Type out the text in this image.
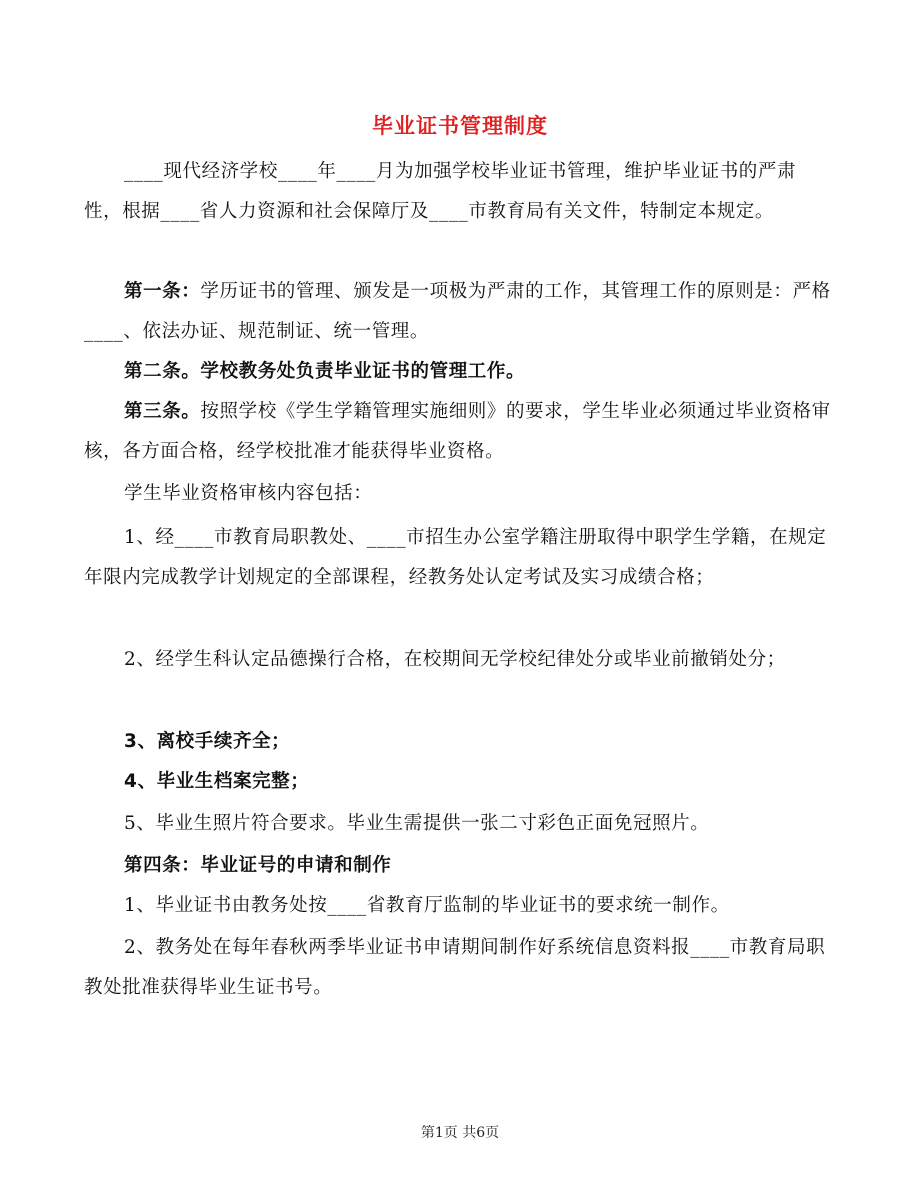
毕业证书管理制度
____现代经济学校____年____月为加强学校毕业证书管理，维护毕业证书的严肃性，根据____省人力资源和社会保障厅及____市教育局有关文件，特制定本规定。
第一条：学历证书的管理、颁发是一项极为严肃的工作，其管理工作的原则是：严格____、依法办证、规范制证、统一管理。
第二条。学校教务处负责毕业证书的管理工作。
第三条。按照学校《学生学籍管理实施细则》的要求，学生毕业必须通过毕业资格审核，各方面合格，经学校批准才能获得毕业资格。
学生毕业资格审核内容包括：
1、经____市教育局职教处、____市招生办公室学籍注册取得中职学生学籍，在规定年限内完成教学计划规定的全部课程，经教务处认定考试及实习成绩合格；
2、经学生科认定品德操行合格，在校期间无学校纪律处分或毕业前撤销处分；
3、离校手续齐全；
4、毕业生档案完整；
5、毕业生照片符合要求。毕业生需提供一张二寸彩色正面免冠照片。
第四条：毕业证号的申请和制作
1、毕业证书由教务处按____省教育厅监制的毕业证书的要求统一制作。
2、教务处在每年春秋两季毕业证书申请期间制作好系统信息资料报____市教育局职教处批准获得毕业生证书号。
第1页 共6页
